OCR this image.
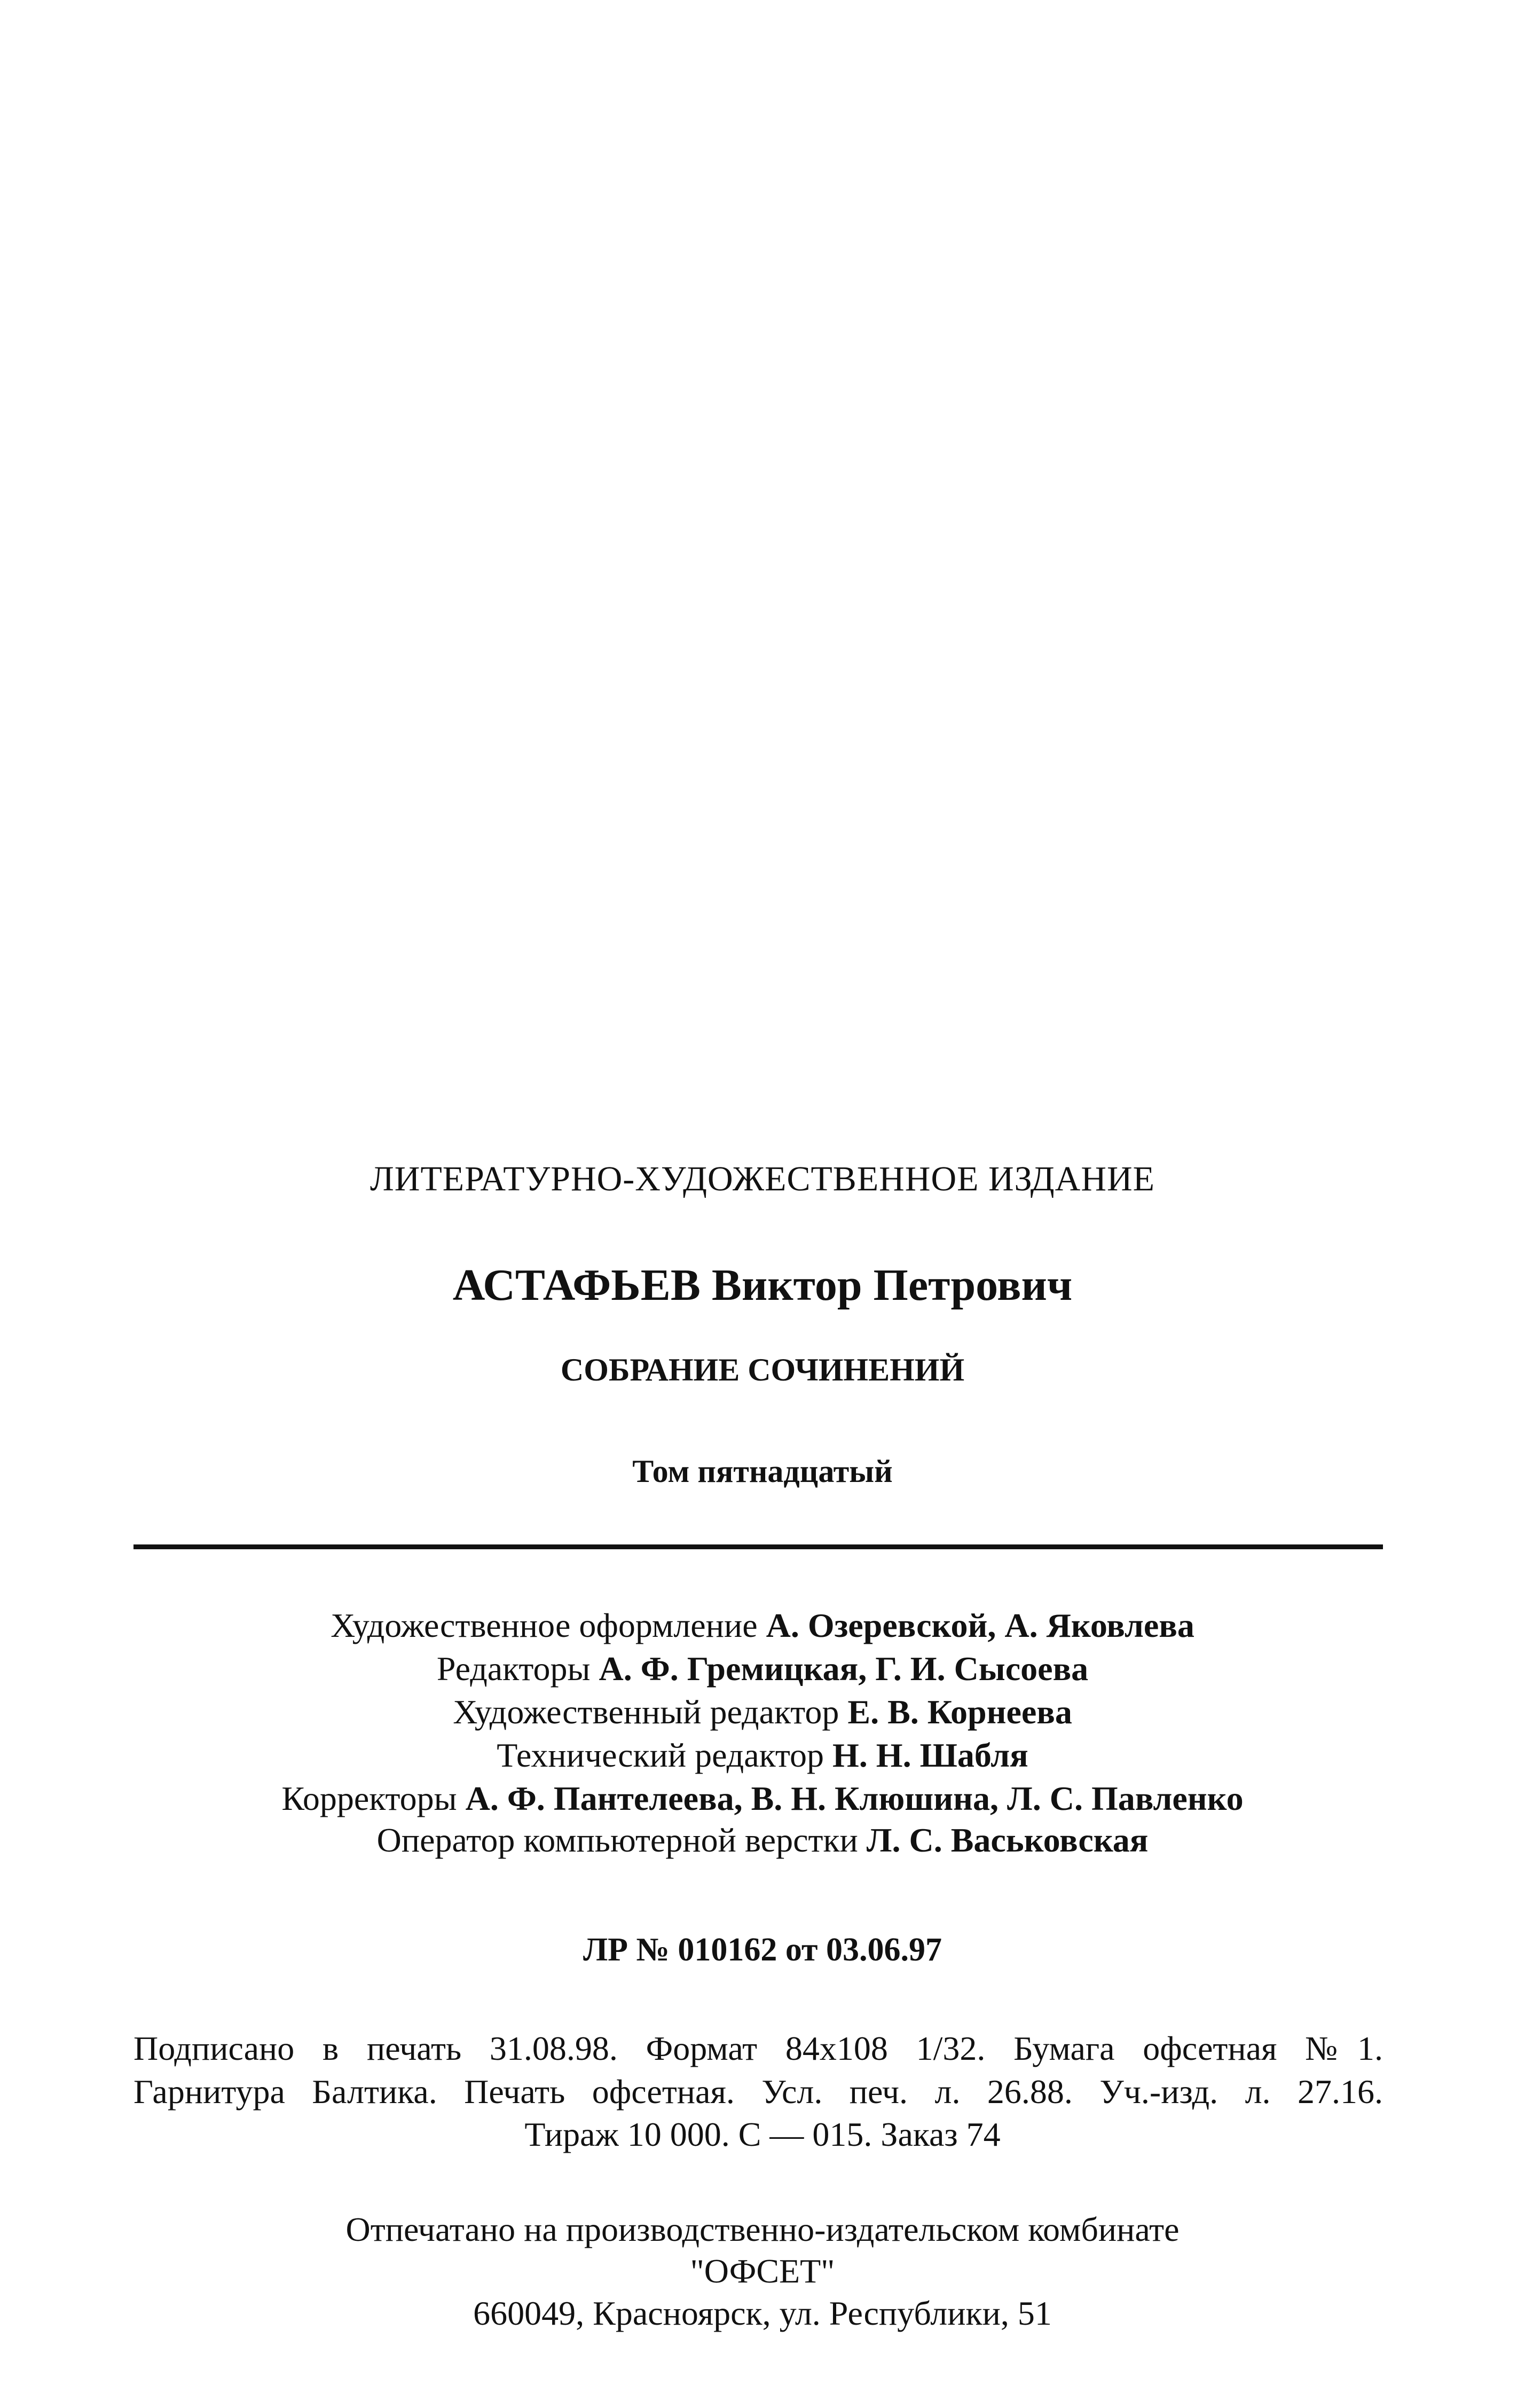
ЛИТЕРАТУРНО-ХУДОЖЕСТВЕННОЕ ИЗДАНИЕ
АСТАФЬЕВ Виктор Петрович
СОБРАНИЕ СОЧИНЕНИЙ
Том пятнадцатый
Художественное оформление А. Озеревской, А. Яковлева
Редакторы А. Ф. Гремицкая, Г. И. Сысоева
Художественный редактор Е. В. Корнеева
Технический редактор Н. Н. Шабля
Корректоры А. Ф. Пантелеева, В. Н. Клюшина, Л. С. Павленко
Оператор компьютерной верстки Л. С. Васьковская
ЛР № 010162 от 03.06.97
Подписано в печать 31.08.98. Формат 84х108 1/32. Бумага офсетная №1.
Гарнитура Балтика. Печать офсетная. Усл. печ. л. 26.88. Уч.-изд. л. 27.16.
Тираж 10 000. С — 015. Заказ 74
Отпечатано на производственно-издательском комбинате
"ОФСЕТ"
660049, Красноярск, ул. Республики, 51
